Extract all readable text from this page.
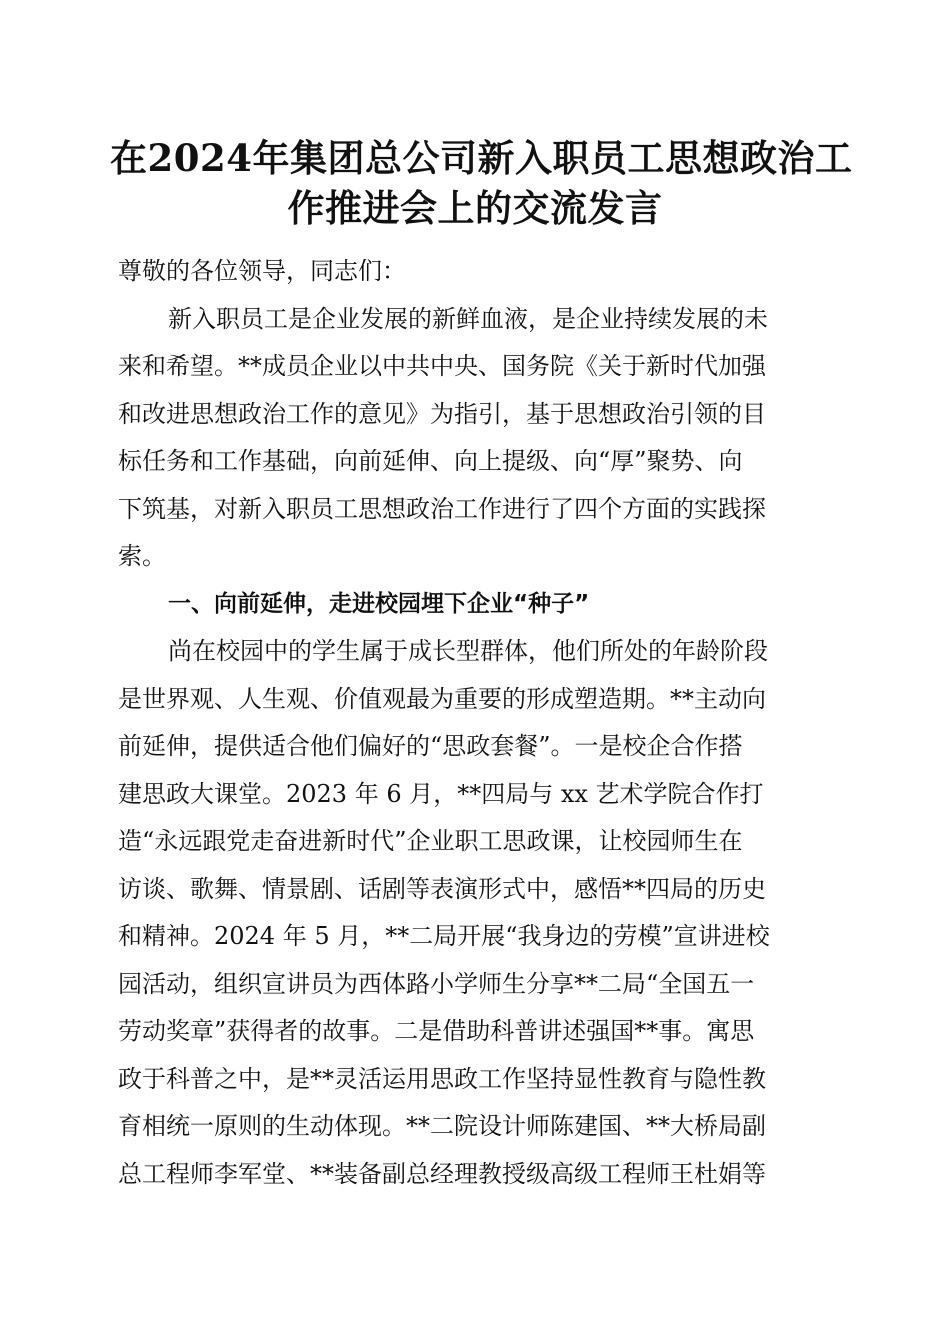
在2024年集团总公司新入职员工思想政治工
作推进会上的交流发言

尊敬的各位领导，同志们：

新入职员工是企业发展的新鲜血液，是企业持续发展的未
来和希望。**成员企业以中共中央、国务院《关于新时代加强
和改进思想政治工作的意见》为指引，基于思想政治引领的目
标任务和工作基础，向前延伸、向上提级、向“厚”聚势、向
下筑基，对新入职员工思想政治工作进行了四个方面的实践探
索。

一、向前延伸，走进校园埋下企业“种子”

尚在校园中的学生属于成长型群体，他们所处的年龄阶段
是世界观、人生观、价值观最为重要的形成塑造期。**主动向
前延伸，提供适合他们偏好的“思政套餐”。一是校企合作搭
建思政大课堂。2023 年 6 月，**四局与 xx 艺术学院合作打
造“永远跟党走奋进新时代”企业职工思政课，让校园师生在
访谈、歌舞、情景剧、话剧等表演形式中，感悟**四局的历史
和精神。2024 年 5 月，**二局开展“我身边的劳模”宣讲进校
园活动，组织宣讲员为西体路小学师生分享**二局“全国五一
劳动奖章”获得者的故事。二是借助科普讲述强国**事。寓思
政于科普之中，是**灵活运用思政工作坚持显性教育与隐性教
育相统一原则的生动体现。**二院设计师陈建国、**大桥局副
总工程师李军堂、**装备副总经理教授级高级工程师王杜娟等
